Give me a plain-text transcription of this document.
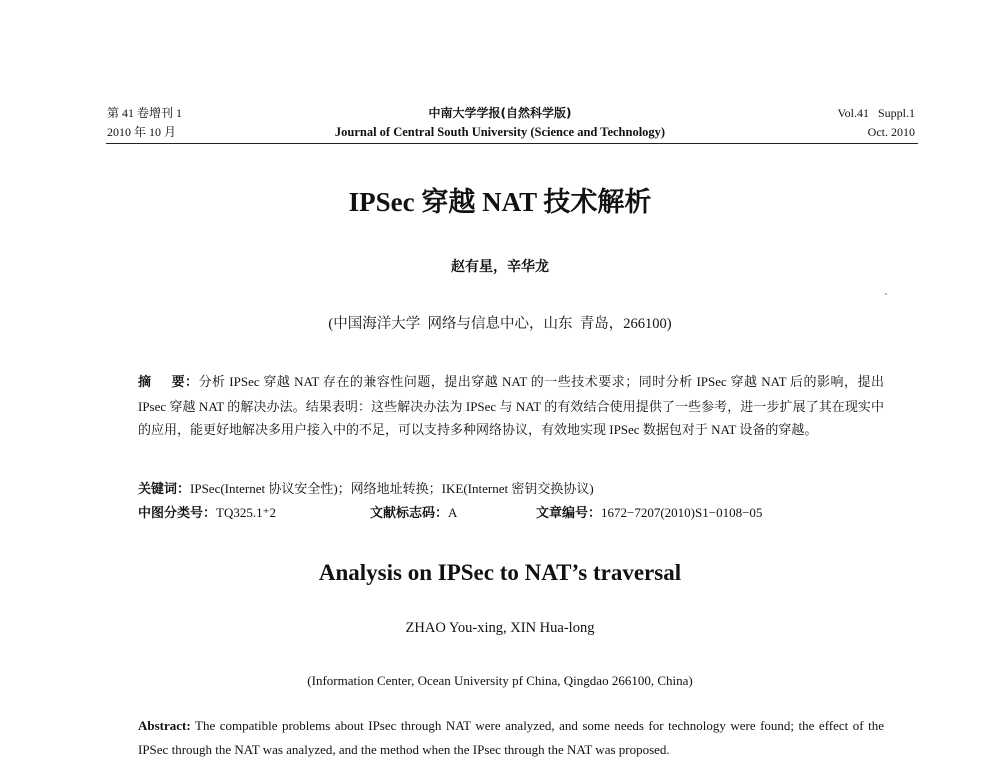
第 41 卷增刊 1
2010 年 10 月
中南大学学报(自然科学版)
Journal of Central South University (Science and Technology)
Vol.41   Suppl.1
Oct. 2010
IPSec 穿越 NAT 技术解析
赵有星，辛华龙
(中国海洋大学  网络与信息中心，山东  青岛，266100)
摘    要：分析 IPSec 穿越 NAT 存在的兼容性问题，提出穿越 NAT 的一些技术要求；同时分析 IPSec 穿越 NAT 后的影响，提出 IPsec 穿越 NAT 的解决办法。结果表明：这些解决办法为 IPSec 与 NAT 的有效结合使用提供了一些参考，进一步扩展了其在现实中的应用，能更好地解决多用户接入中的不足，可以支持多种网络协议，有效地实现 IPSec 数据包对于 NAT 设备的穿越。
关键词：IPSec(Internet 协议安全性)；网络地址转换；IKE(Internet 密钥交换协议)
中图分类号：TQ325.1⁺2	文献标志码：A	文章编号：1672−7207(2010)S1−0108−05
Analysis on IPSec to NAT’s traversal
ZHAO You-xing, XIN Hua-long
(Information Center, Ocean University pf China, Qingdao 266100, China)
Abstract: The compatible problems about IPsec through NAT were analyzed, and some needs for technology were found; the effect of the IPSec through the NAT was analyzed, and the method when the IPsec through the NAT was proposed.
